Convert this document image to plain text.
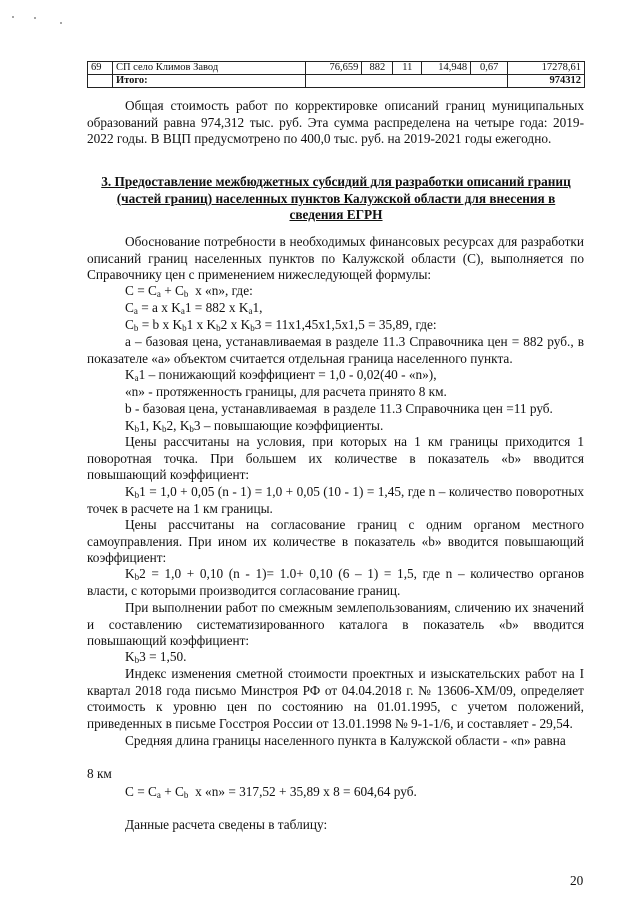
69	СП село Климов Завод	76,659	882	11	14,948	0,67	17278,61
	Итого:						974312

Общая стоимость работ по корректировке описаний границ муниципальных образований равна 974,312 тыс. руб. Эта сумма распределена на четыре года: 2019-2022 годы. В ВЦП предусмотрено по 400,0 тыс. руб. на 2019-2021 годы ежегодно.

3. Предоставление межбюджетных субсидий для разработки описаний границ (частей границ) населенных пунктов Калужской области для внесения в сведения ЕГРН

Обоснование потребности в необходимых финансовых ресурсах для разработки описаний границ населенных пунктов по Калужской области (С), выполняется по Справочнику цен с применением нижеследующей формулы:

$C = C_a + C_b$  x «n», где:

$C_a = a$ x $K_a1 = 882$ x $K_a1$,

$C_b = b$ x $K_b1$ x $K_b2$ x $K_b3 = 11x1,45x1,5x1,5 = 35,89$, где:

а – базовая цена, устанавливаемая в разделе 11.3 Справочника цен = 882 руб., в показателе «а» объектом считается отдельная граница населенного пункта.

$K_a1$ – понижающий коэффициент = 1,0 - 0,02(40 - «n»),

«n» - протяженность границы, для расчета принято 8 км.

b - базовая цена, устанавливаемая  в разделе 11.3 Справочника цен =11 руб.

$K_b1$, $K_b2$, $K_b3$ – повышающие коэффициенты.

Цены рассчитаны на условия, при которых на 1 км границы приходится 1 поворотная точка. При большем их количестве в показатель «b» вводится повышающий коэффициент:

$K_b1 = 1,0 + 0,05$ (n - 1) = 1,0 + 0,05 (10 - 1) = 1,45, где n – количество поворотных точек в расчете на 1 км границы.

Цены рассчитаны на согласование границ с одним органом местного самоуправления. При ином их количестве в показатель «b» вводится повышающий коэффициент:

$K_b2 = 1,0 + 0,10$ (n - 1)= 1.0+ 0,10 (6 – 1) = 1,5, где n – количество органов власти, с которыми производится согласование границ.

При выполнении работ по смежным землепользованиям, сличению их значений и составлению систематизированного каталога в показатель «b» вводится повышающий коэффициент:

$K_b3 = 1,50$.

Индекс изменения сметной стоимости проектных и изыскательских работ на I квартал 2018 года письмо Минстроя РФ от 04.04.2018 г. № 13606-ХМ/09, определяет стоимость к уровню цен по состоянию на 01.01.1995, с учетом положений, приведенных в письме Госстроя России от 13.01.1998 № 9-1-1/6, и составляет - 29,54.

Средняя длина границы населенного пункта в Калужской области - «n» равна

8 км

$C = C_a + C_b$  x «n» = 317,52 + 35,89 x 8 = 604,64 руб.

Данные расчета сведены в таблицу:

20
